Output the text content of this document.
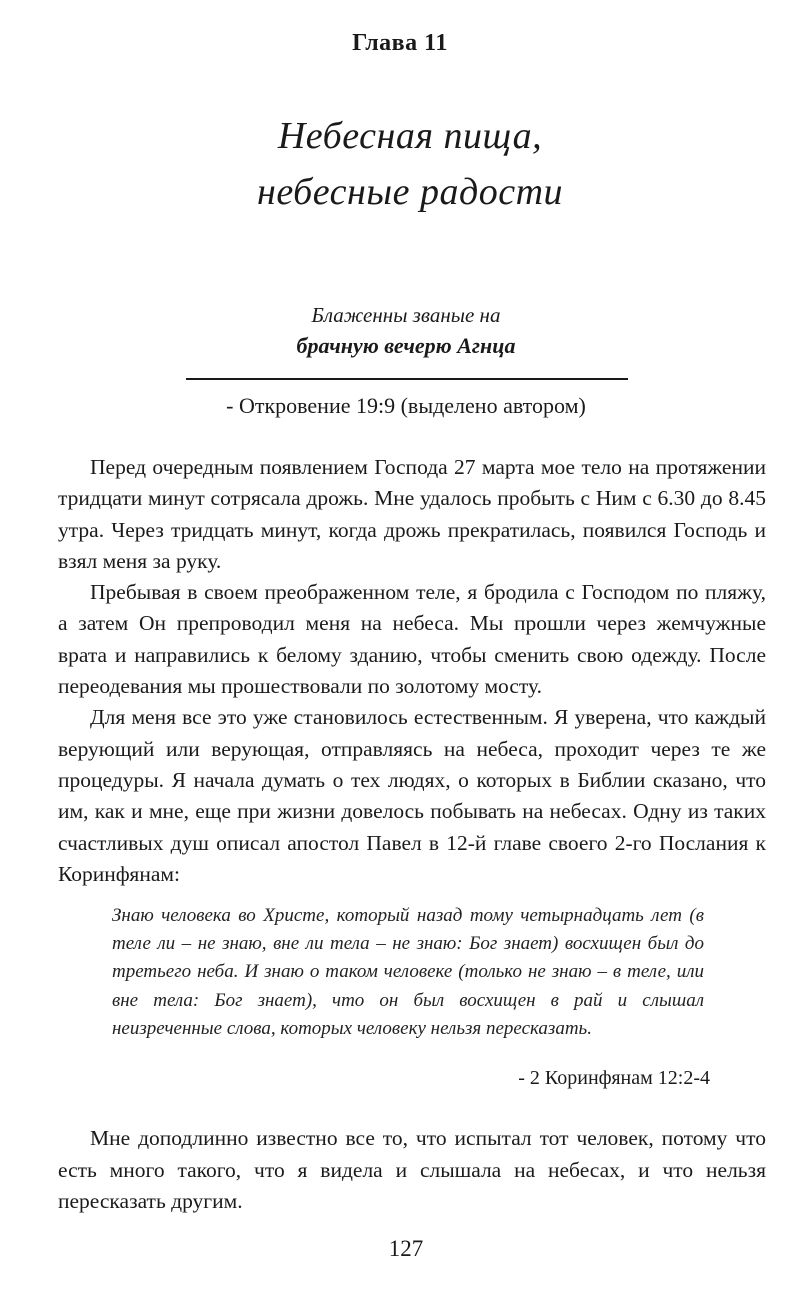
Глава 11
Небесная пища,
небесные радости
Блаженны званые на
брачную вечерю Агнца
- Откровение 19:9 (выделено автором)

Перед очередным появлением Господа 27 марта мое тело на протяжении тридцати минут сотрясала дрожь. Мне удалось пробыть с Ним с 6.30 до 8.45 утра. Через тридцать минут, когда дрожь прекратилась, появился Господь и взял меня за руку.

Пребывая в своем преображенном теле, я бродила с Господом по пляжу, а затем Он препроводил меня на небеса. Мы прошли через жемчужные врата и направились к белому зданию, чтобы сменить свою одежду. После переодевания мы прошествовали по золотому мосту.

Для меня все это уже становилось естественным. Я уверена, что каждый верующий или верующая, отправляясь на небеса, проходит через те же процедуры. Я начала думать о тех людях, о которых в Библии сказано, что им, как и мне, еще при жизни довелось побывать на небесах. Одну из таких счастливых душ описал апостол Павел в 12-й главе своего 2-го Послания к Коринфянам:

Знаю человека во Христе, который назад тому четырнадцать лет (в теле ли – не знаю, вне ли тела – не знаю: Бог знает) восхищен был до третьего неба. И знаю о таком человеке (только не знаю – в теле, или вне тела: Бог знает), что он был восхищен в рай и слышал неизреченные слова, которых человеку нельзя пересказать.
- 2 Коринфянам 12:2-4

Мне доподлинно известно все то, что испытал тот человек, потому что есть много такого, что я видела и слышала на небесах, и что нельзя пересказать другим.

127
